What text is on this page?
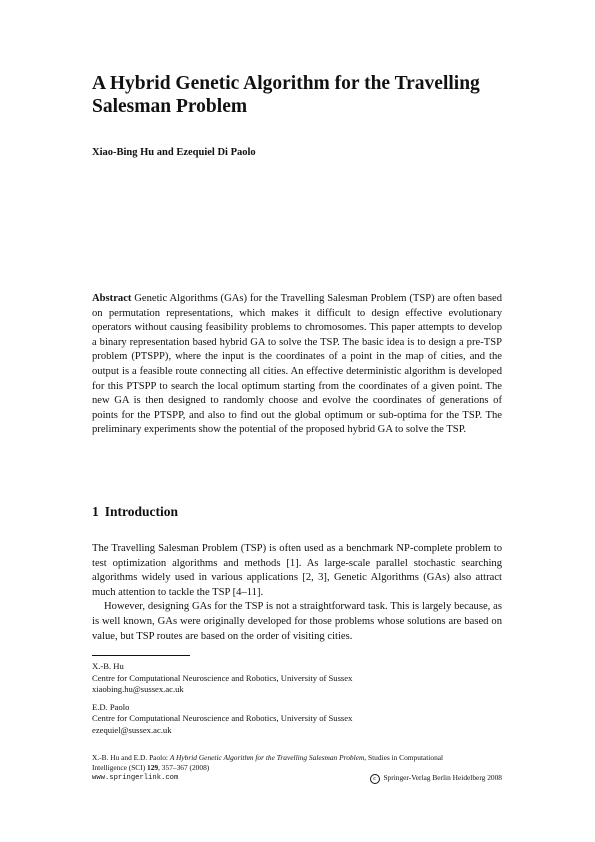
A Hybrid Genetic Algorithm for the Travelling Salesman Problem

Xiao-Bing Hu and Ezequiel Di Paolo

Abstract Genetic Algorithms (GAs) for the Travelling Salesman Problem (TSP) are often based on permutation representations, which makes it difficult to design effective evolutionary operators without causing feasibility problems to chromosomes. This paper attempts to develop a binary representation based hybrid GA to solve the TSP. The basic idea is to design a pre-TSP problem (PTSPP), where the input is the coordinates of a point in the map of cities, and the output is a feasible route connecting all cities. An effective deterministic algorithm is developed for this PTSPP to search the local optimum starting from the coordinates of a given point. The new GA is then designed to randomly choose and evolve the coordinates of generations of points for the PTSPP, and also to find out the global optimum or sub-optima for the TSP. The preliminary experiments show the potential of the proposed hybrid GA to solve the TSP.

1 Introduction

The Travelling Salesman Problem (TSP) is often used as a benchmark NP-complete problem to test optimization algorithms and methods [1]. As large-scale parallel stochastic searching algorithms widely used in various applications [2, 3], Genetic Algorithms (GAs) also attract much attention to tackle the TSP [4–11].

However, designing GAs for the TSP is not a straightforward task. This is largely because, as is well known, GAs were originally developed for those problems whose solutions are based on value, but TSP routes are based on the order of visiting cities.

X.-B. Hu
Centre for Computational Neuroscience and Robotics, University of Sussex
xiaobing.hu@sussex.ac.uk
E.D. Paolo
Centre for Computational Neuroscience and Robotics, University of Sussex
ezequiel@sussex.ac.uk
X.-B. Hu and E.D. Paolo: A Hybrid Genetic Algorithm for the Travelling Salesman Problem, Studies in Computational
Intelligence (SCI) 129, 357–367 (2008)
www.springerlink.com	c Springer-Verlag Berlin Heidelberg 2008
